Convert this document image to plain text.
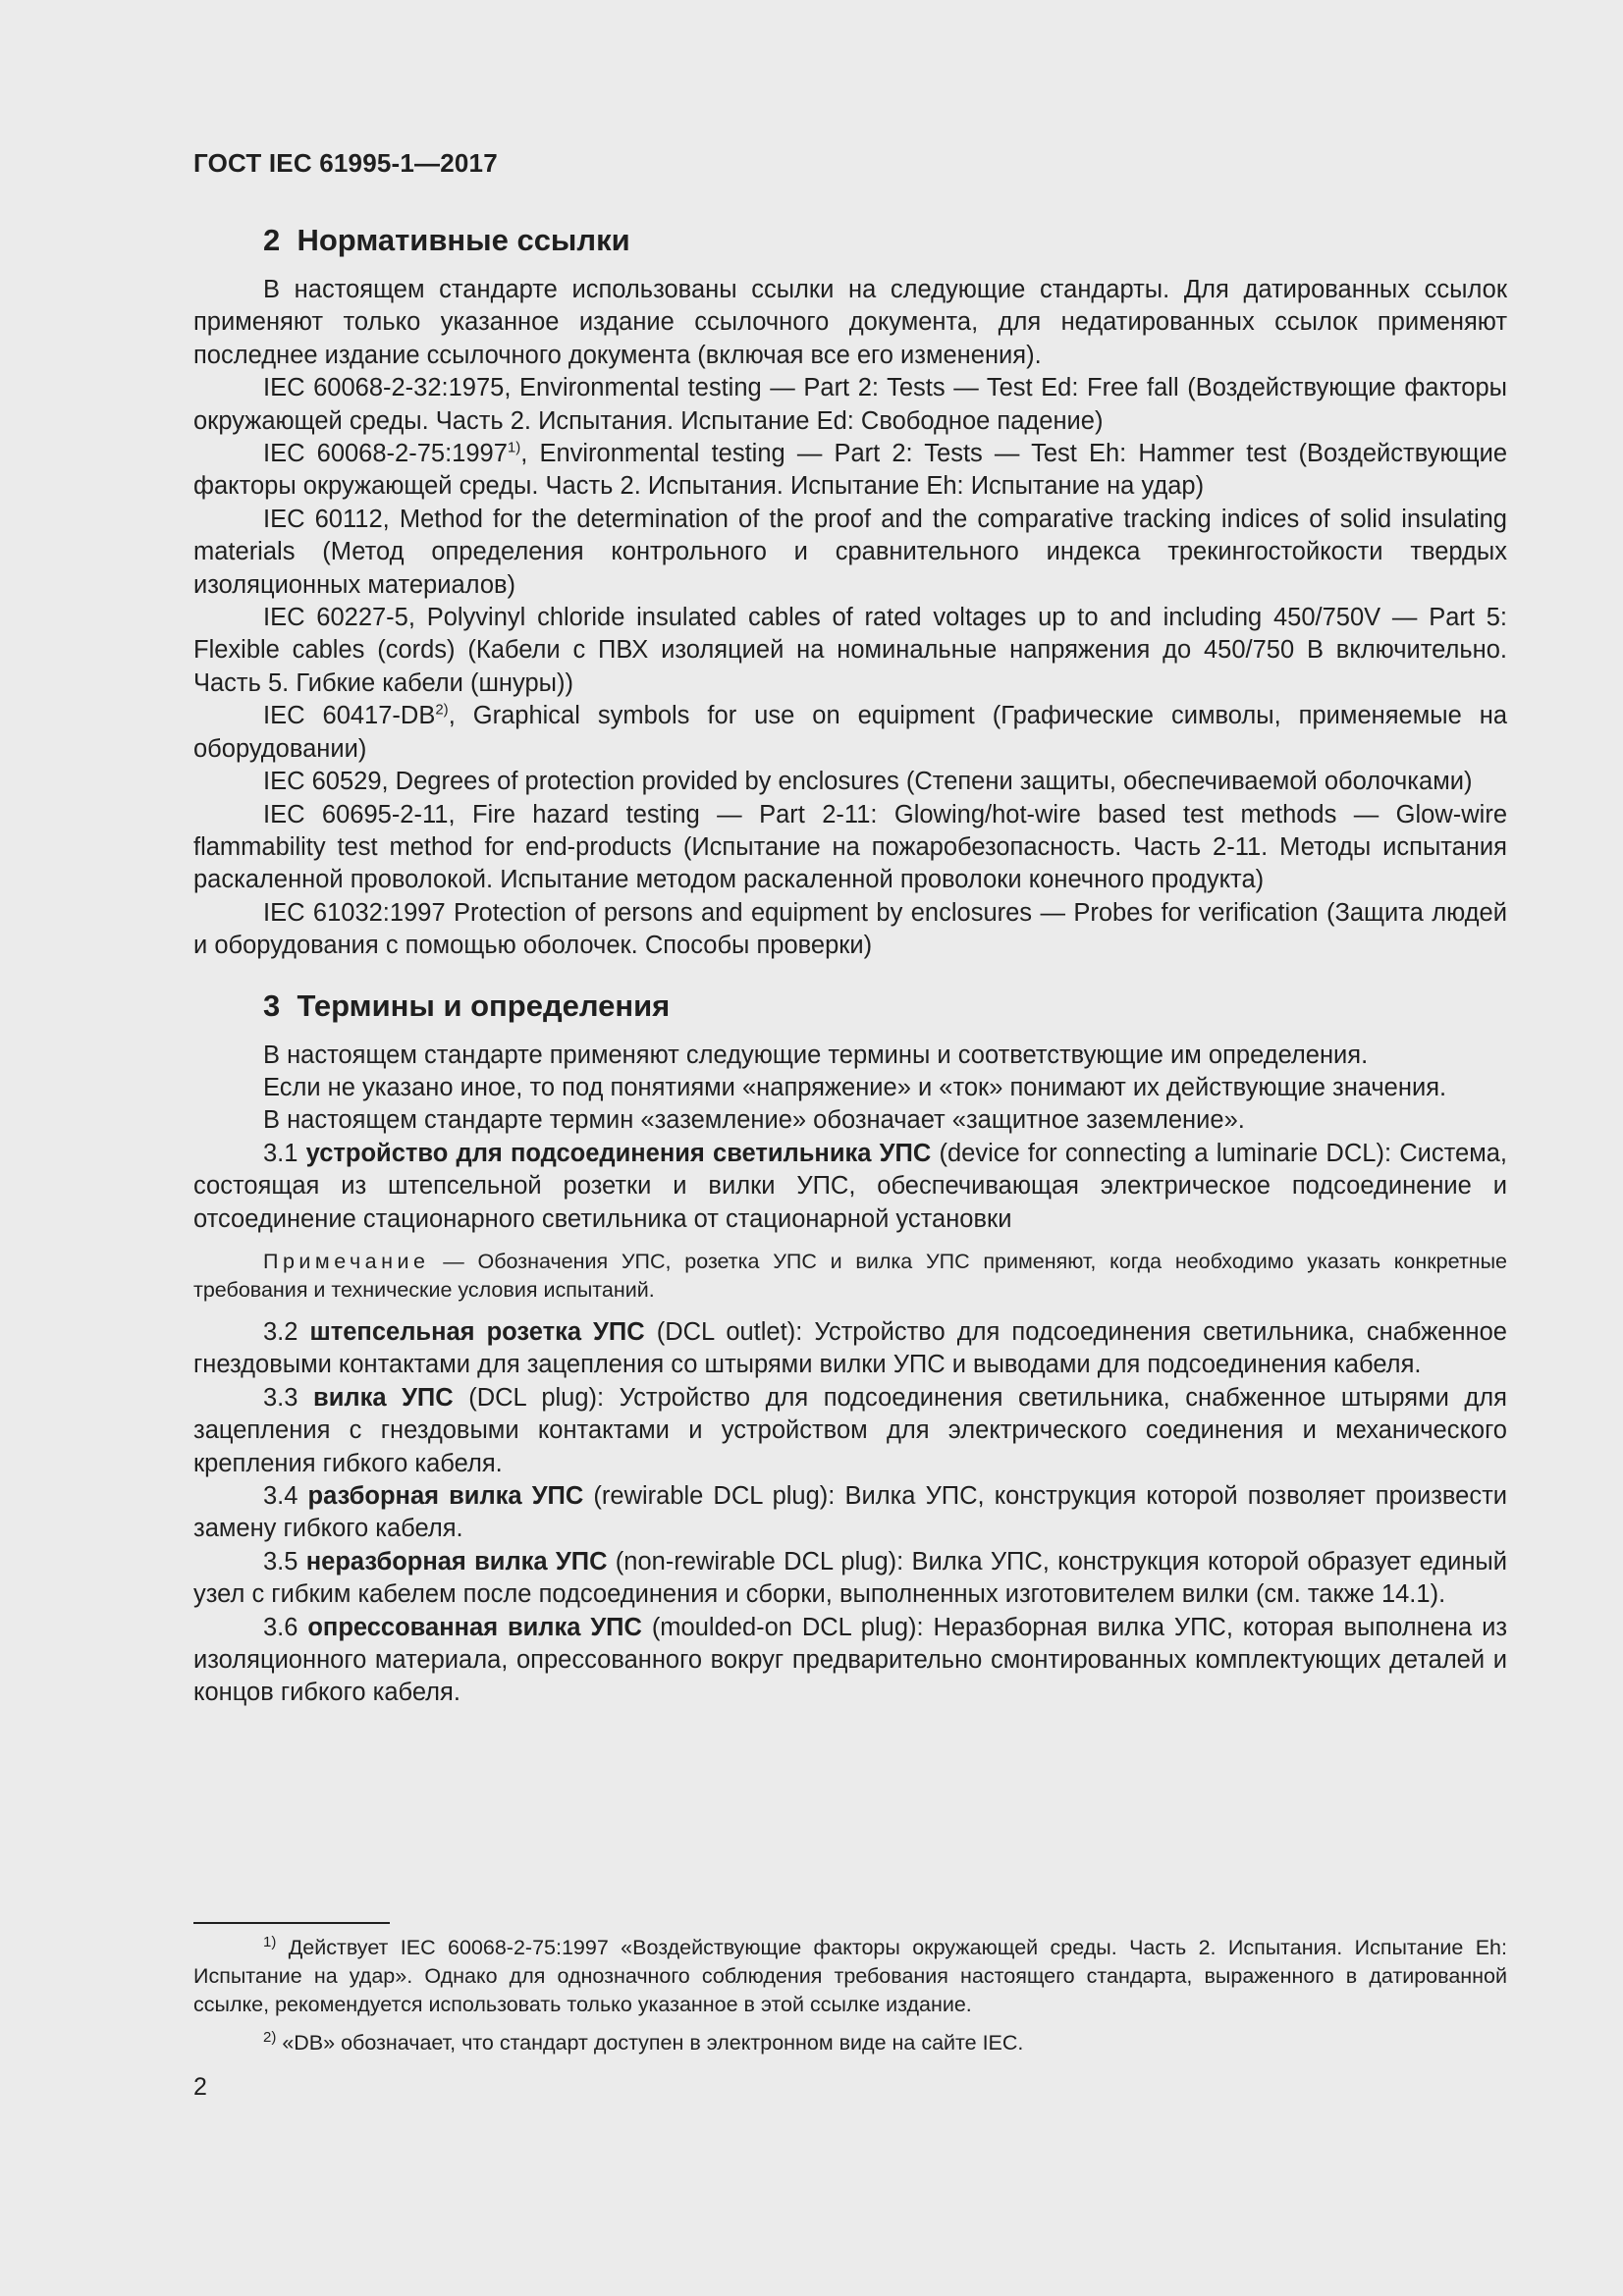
ГОСТ IEC 61995-1—2017
2 Нормативные ссылки

В настоящем стандарте использованы ссылки на следующие стандарты. Для датированных ссылок применяют только указанное издание ссылочного документа, для недатированных ссылок применяют последнее издание ссылочного документа (включая все его изменения).

IEC 60068-2-32:1975, Environmental testing — Part 2: Tests — Test Ed: Free fall (Воздействующие факторы окружающей среды. Часть 2. Испытания. Испытание Ed: Свободное падение)

IEC 60068-2-75:1997$^{1)}$, Environmental testing — Part 2: Tests — Test Eh: Hammer test (Воздействующие факторы окружающей среды. Часть 2. Испытания. Испытание Eh: Испытание на удар)

IEC 60112, Method for the determination of the proof and the comparative tracking indices of solid insulating materials (Метод определения контрольного и сравнительного индекса трекингостойкости твердых изоляционных материалов)

IEC 60227-5, Polyvinyl chloride insulated cables of rated voltages up to and including 450/750V — Part 5: Flexible cables (cords) (Кабели с ПВХ изоляцией на номинальные напряжения до 450/750 В включительно. Часть 5. Гибкие кабели (шнуры))

IEC 60417-DB$^{2)}$, Graphical symbols for use on equipment (Графические символы, применяемые на оборудовании)

IEC 60529, Degrees of protection provided by enclosures (Степени защиты, обеспечиваемой оболочками)

IEC 60695-2-11, Fire hazard testing — Part 2-11: Glowing/hot-wire based test methods — Glow-wire flammability test method for end-products (Испытание на пожаробезопасность. Часть 2-11. Методы испытания раскаленной проволокой. Испытание методом раскаленной проволоки конечного продукта)

IEC 61032:1997 Protection of persons and equipment by enclosures — Probes for verification (Защита людей и оборудования с помощью оболочек. Способы проверки)

3 Термины и определения

В настоящем стандарте применяют следующие термины и соответствующие им определения.

Если не указано иное, то под понятиями «напряжение» и «ток» понимают их действующие значения.

В настоящем стандарте термин «заземление» обозначает «защитное заземление».

3.1 устройство для подсоединения светильника УПС (device for connecting a luminarie DCL): Система, состоящая из штепсельной розетки и вилки УПС, обеспечивающая электрическое подсоединение и отсоединение стационарного светильника от стационарной установки

Примечание — Обозначения УПС, розетка УПС и вилка УПС применяют, когда необходимо указать конкретные требования и технические условия испытаний.

3.2 штепсельная розетка УПС (DCL outlet): Устройство для подсоединения светильника, снабженное гнездовыми контактами для зацепления со штырями вилки УПС и выводами для подсоединения кабеля.

3.3 вилка УПС (DCL plug): Устройство для подсоединения светильника, снабженное штырями для зацепления с гнездовыми контактами и устройством для электрического соединения и механического крепления гибкого кабеля.

3.4 разборная вилка УПС (rewirable DCL plug): Вилка УПС, конструкция которой позволяет произвести замену гибкого кабеля.

3.5 неразборная вилка УПС (non-rewirable DCL plug): Вилка УПС, конструкция которой образует единый узел с гибким кабелем после подсоединения и сборки, выполненных изготовителем вилки (см. также 14.1).

3.6 опрессованная вилка УПС (moulded-on DCL plug): Неразборная вилка УПС, которая выполнена из изоляционного материала, опрессованного вокруг предварительно смонтированных комплектующих деталей и концов гибкого кабеля.

$^{1)}$ Действует IEC 60068-2-75:1997 «Воздействующие факторы окружающей среды. Часть 2. Испытания. Испытание Eh: Испытание на удар». Однако для однозначного соблюдения требования настоящего стандарта, выраженного в датированной ссылке, рекомендуется использовать только указанное в этой ссылке издание.

$^{2)}$ «DB» обозначает, что стандарт доступен в электронном виде на сайте IEC.

2
